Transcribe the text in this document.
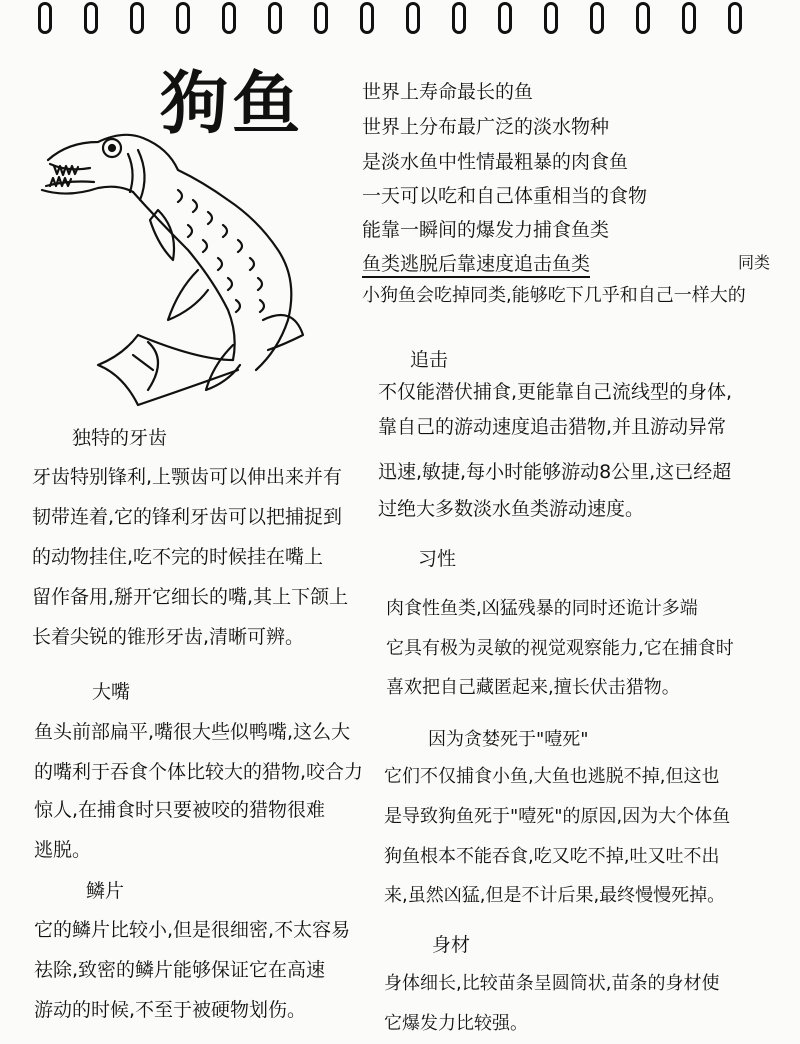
狗鱼	世界上寿命最长的鱼
世界上分布最广泛的淡水物种
是淡水鱼中性情最粗暴的肉食鱼
一天可以吃和自己体重相当的食物
能靠一瞬间的爆发力捕食鱼类
鱼类逃脱后靠速度追击鱼类	同类
小狗鱼会吃掉同类,能够吃下几乎和自己一样大的
追击
不仅能潜伏捕食,更能靠自己流线型的身体,
靠自己的游动速度追击猎物,并且游动异常
迅速,敏捷,每小时能够游动8公里,这已经超
过绝大多数淡水鱼类游动速度。
独特的牙齿
牙齿特别锋利,上颚齿可以伸出来并有
韧带连着,它的锋利牙齿可以把捕捉到
的动物挂住,吃不完的时候挂在嘴上
留作备用,掰开它细长的嘴,其上下颌上
长着尖锐的锥形牙齿,清晰可辨。
习性
肉食性鱼类,凶猛残暴的同时还诡计多端
它具有极为灵敏的视觉观察能力,它在捕食时
喜欢把自己藏匿起来,擅长伏击猎物。
大嘴
鱼头前部扁平,嘴很大些似鸭嘴,这么大
的嘴利于吞食个体比较大的猎物,咬合力
惊人,在捕食时只要被咬的猎物很难
逃脱。
因为贪婪死于"噎死"
它们不仅捕食小鱼,大鱼也逃脱不掉,但这也
是导致狗鱼死于"噎死"的原因,因为大个体鱼
狗鱼根本不能吞食,吃又吃不掉,吐又吐不出
来,虽然凶猛,但是不计后果,最终慢慢死掉。
鳞片
它的鳞片比较小,但是很细密,不太容易
祛除,致密的鳞片能够保证它在高速
游动的时候,不至于被硬物划伤。
身材
身体细长,比较苗条呈圆筒状,苗条的身材使
它爆发力比较强。
